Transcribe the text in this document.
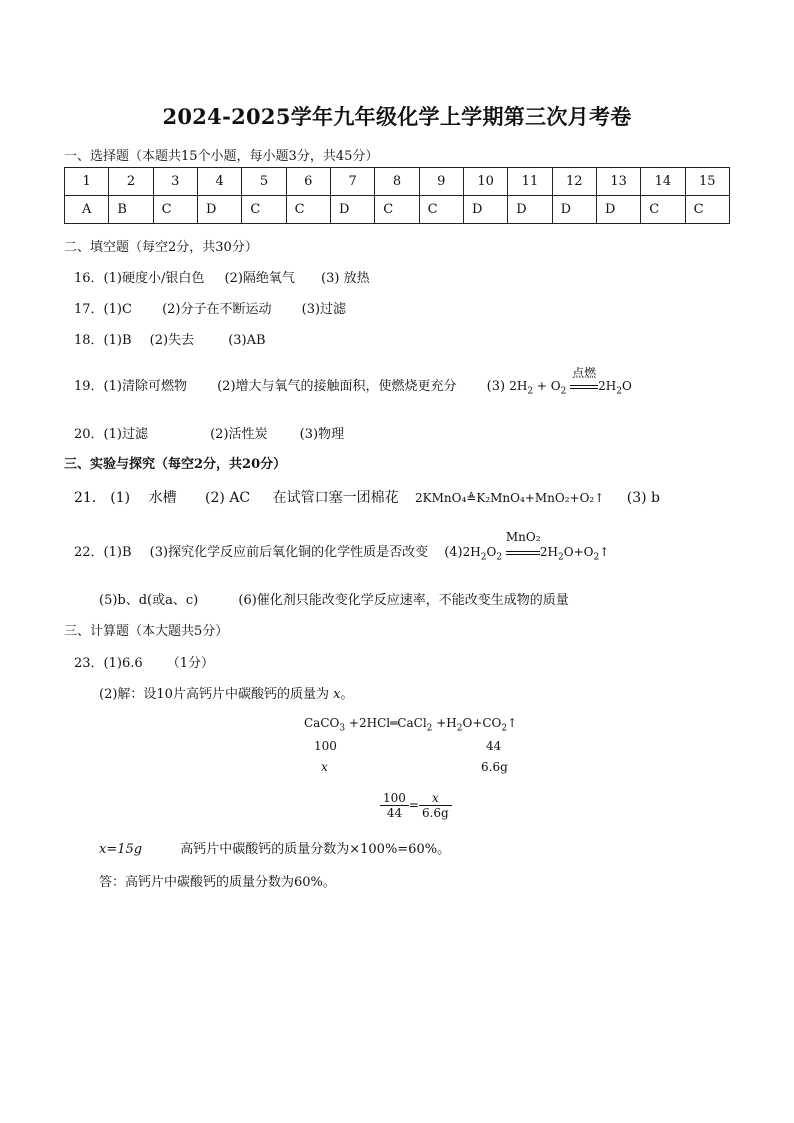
2024-2025学年九年级化学上学期第三次月考卷
一、选择题（本题共15个小题，每小题3分，共45分）
1	2	3	4	5	6	7	8	9	10	11	12	13	14	15
A	B	C	D	C	C	D	C	C	D	D	D	D	C	C
二、填空题（每空2分，共30分）
16．(1)硬度小/银白色 (2)隔绝氧气 (3) 放热
17．(1)C (2)分子在不断运动 (3)过滤
18．(1)B (2)失去	(3)AB
19．(1)清除可燃物 (2)增大与氧气的接触面积，使燃烧更充分 (3) $2H_2 + O_2$
点燃
$2H_2O$
20．(1)过滤	(2)活性炭 (3)物理
三、实验与探究（每空2分，共20分）
21． (1) 水槽 (2) AC 在试管口塞一团棉花 2KMnO₄≜K₂MnO₄+MnO₂+O₂↑ (3) b
22．(1)B (3)探究化学反应前后氧化铜的化学性质是否改变 $(4)2H_2O_2$
MnO₂
$2H_2O+O_2↑$
(5)b、d(或a、c)	(6)催化剂只能改变化学反应速率，不能改变生成物的质量
三、计算题（本大题共5分）
23．(1)6.6 （1分）
(2)解：设10片高钙片中碳酸钙的质量为 x。
CaCO$_3$ +2HCl═CaCl$_2$ $+H_2O+CO_2↑$
100	44
x	6.6g
$\frac{100}{44} = \frac{x}{6.6g}$
x=15g	高钙片中碳酸钙的质量分数为×100%=60%。
答：高钙片中碳酸钙的质量分数为60%。
